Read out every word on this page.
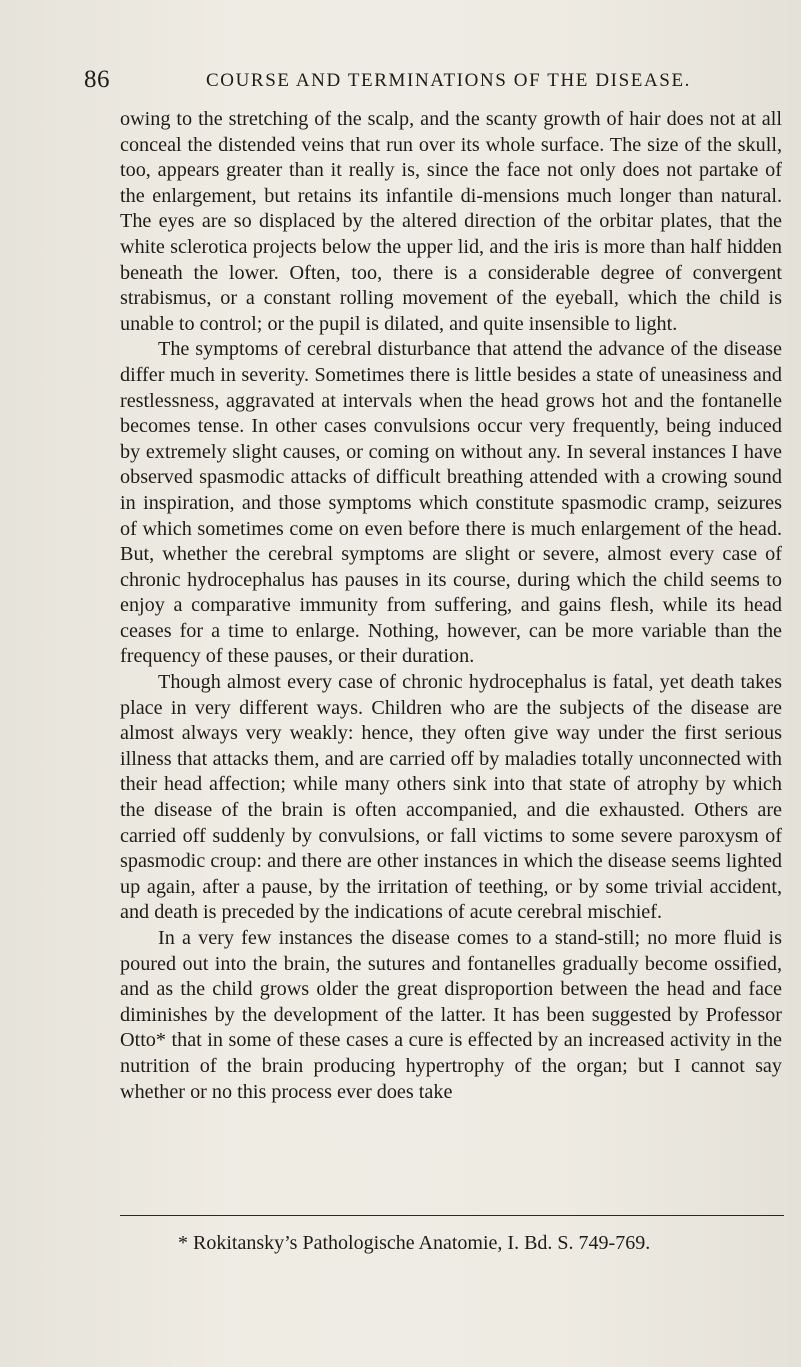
86	COURSE AND TERMINATIONS OF THE DISEASE.

owing to the stretching of the scalp, and the scanty growth of hair does not at all conceal the distended veins that run over its whole surface. The size of the skull, too, appears greater than it really is, since the face not only does not partake of the enlargement, but retains its infantile di-mensions much longer than natural. The eyes are so displaced by the altered direction of the orbitar plates, that the white sclerotica projects below the upper lid, and the iris is more than half hidden beneath the lower. Often, too, there is a considerable degree of convergent strabismus, or a constant rolling movement of the eyeball, which the child is unable to control; or the pupil is dilated, and quite insensible to light.

The symptoms of cerebral disturbance that attend the advance of the disease differ much in severity. Sometimes there is little besides a state of uneasiness and restlessness, aggravated at intervals when the head grows hot and the fontanelle becomes tense. In other cases convulsions occur very frequently, being induced by extremely slight causes, or coming on without any. In several instances I have observed spasmodic attacks of difficult breathing attended with a crowing sound in inspiration, and those symptoms which constitute spasmodic cramp, seizures of which sometimes come on even before there is much enlargement of the head. But, whether the cerebral symptoms are slight or severe, almost every case of chronic hydrocephalus has pauses in its course, during which the child seems to enjoy a comparative immunity from suffering, and gains flesh, while its head ceases for a time to enlarge. Nothing, however, can be more variable than the frequency of these pauses, or their duration.

Though almost every case of chronic hydrocephalus is fatal, yet death takes place in very different ways. Children who are the subjects of the disease are almost always very weakly: hence, they often give way under the first serious illness that attacks them, and are carried off by maladies totally unconnected with their head affection; while many others sink into that state of atrophy by which the disease of the brain is often accompanied, and die exhausted. Others are carried off suddenly by convulsions, or fall victims to some severe paroxysm of spasmodic croup: and there are other instances in which the disease seems lighted up again, after a pause, by the irritation of teething, or by some trivial accident, and death is preceded by the indications of acute cerebral mischief.

In a very few instances the disease comes to a stand-still; no more fluid is poured out into the brain, the sutures and fontanelles gradually become ossified, and as the child grows older the great disproportion between the head and face diminishes by the development of the latter. It has been suggested by Professor Otto* that in some of these cases a cure is effected by an increased activity in the nutrition of the brain producing hypertrophy of the organ; but I cannot say whether or no this process ever does take

* Rokitansky’s Pathologische Anatomie, I. Bd. S. 749-769.
